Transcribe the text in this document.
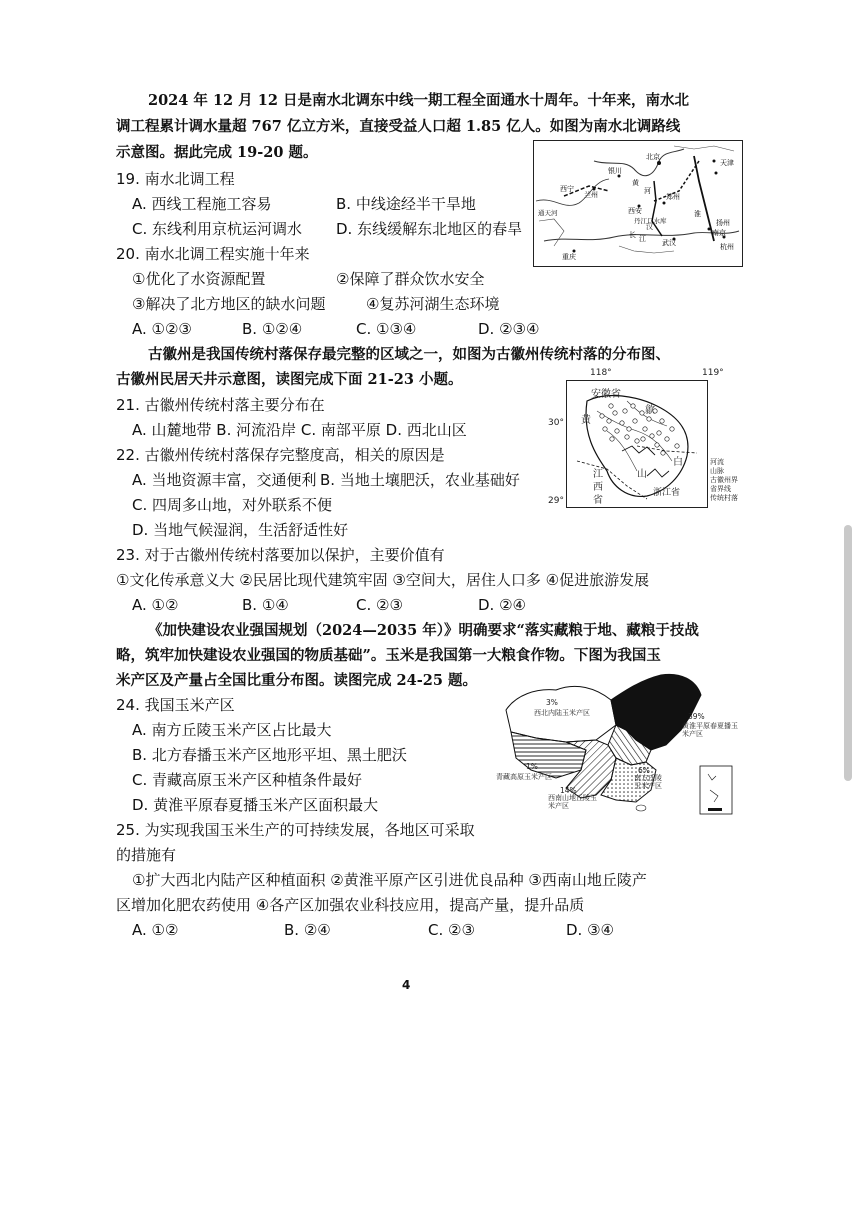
2024 年 12 月 12 日是南水北调东中线一期工程全面通水十周年。十年来，南水北
调工程累计调水量超 767 亿立方米，直接受益人口超 1.85 亿人。如图为南水北调路线
示意图。据此完成 19-20 题。
银川
兰州
西宁
西安
郑州
北京
天津
南京
武汉
扬州
丹江口水库
杭州
重庆
通天河
黄
河
长 江
汉
淮
19. 南水北调工程
A. 西线工程施工容易	B. 中线途经半干旱地
C. 东线利用京杭运河调水 D. 东线缓解东北地区的春旱
20. 南水北调工程实施十年来
①优化了水资源配置	②保障了群众饮水安全
③解决了北方地区的缺水问题	④复苏河湖生态环境
A. ①②③	B. ①②④	C. ①③④	D. ②③④
古徽州是我国传统村落保存最完整的区域之一，如图为古徽州传统村落的分布图、
古徽州民居天井示意图，读图完成下面 21-23 小题。	118°	119°
30°
29°
安徽省
黄
山
歙
白
江
西
省
浙江省
河流
山脉
古徽州界
省界线
传统村落
21. 古徽州传统村落主要分布在
A. 山麓地带 B. 河流沿岸 C. 南部平原 D. 西北山区
22. 古徽州传统村落保存完整度高，相关的原因是
A. 当地资源丰富，交通便利 B. 当地土壤肥沃，农业基础好
C. 四周多山地，对外联系不便
D. 当地气候湿润，生活舒适性好
23. 对于古徽州传统村落要加以保护，主要价值有
①文化传承意义大 ②民居比现代建筑牢固 ③空间大，居住人口多 ④促进旅游发展
A. ①②	B. ①④	C. ②③	D. ②④
《加快建设农业强国规划（2024—2035 年）》明确要求“落实藏粮于地、藏粮于技战
略，筑牢加快建设农业强国的物质基础”。玉米是我国第一大粮食作物。下图为我国玉
米产区及产量占全国比重分布图。读图完成 24-25 题。
3%
西北内陆玉米产区	39%
黄淮平原春夏播玉米产区
1%
青藏高原玉米产区
14%
西南山地丘陵玉米产区
6%
南方丘陵玉米产区
24. 我国玉米产区
A. 南方丘陵玉米产区占比最大
B. 北方春播玉米产区地形平坦、黑土肥沃
C. 青藏高原玉米产区种植条件最好
D. 黄淮平原春夏播玉米产区面积最大
25. 为实现我国玉米生产的可持续发展，各地区可采取
的措施有
①扩大西北内陆产区种植面积 ②黄淮平原产区引进优良品种 ③西南山地丘陵产
区增加化肥农药使用 ④各产区加强农业科技应用，提高产量，提升品质
A. ①②	B. ②④	C. ②③	D. ③④
4
